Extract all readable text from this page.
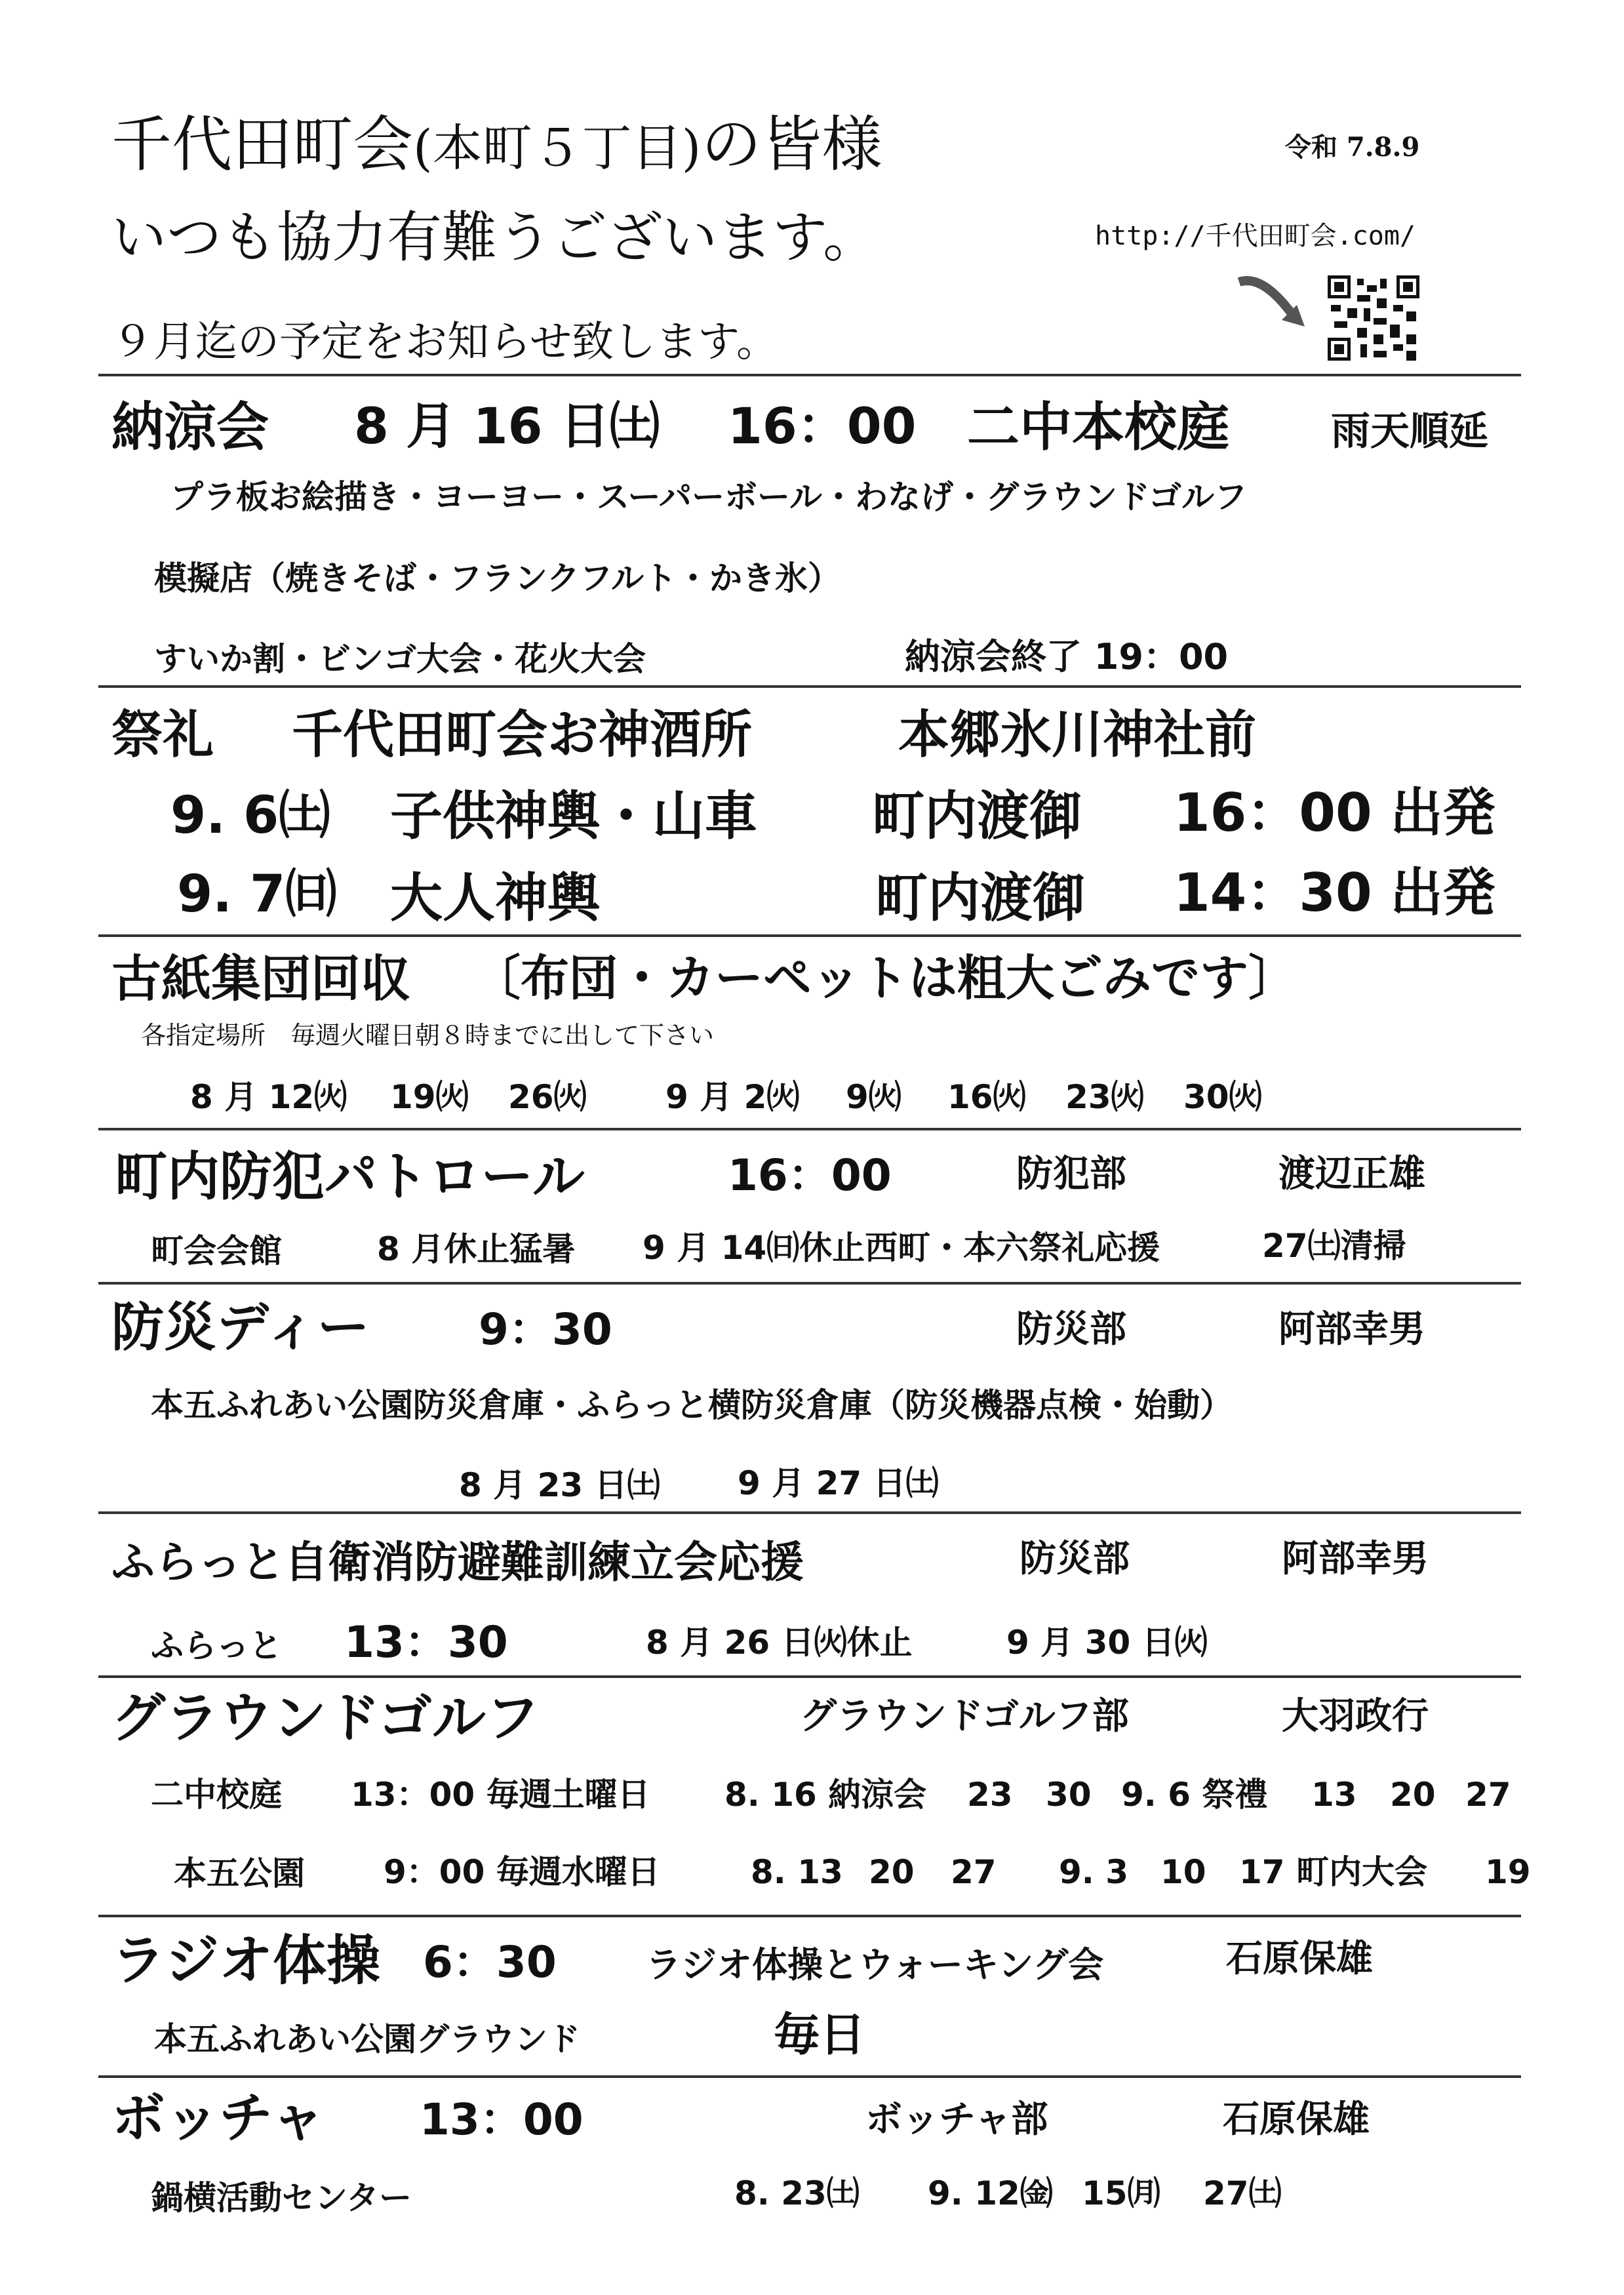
千代田町会(本町５丁目)の皆様	令和 7.8.9
いつも協力有難うございます。	http://千代田町会.com/
９月迄の予定をお知らせ致します。
納涼会 8 月 16 日㈯ 16：00 二中本校庭	雨天順延
プラ板お絵描き・ヨーヨー・スーパーボール・わなげ・グラウンドゴルフ
模擬店（焼きそば・フランクフルト・かき氷）
すいか割・ビンゴ大会・花火大会	納涼会終了 19：00
祭礼 千代田町会お神酒所	本郷氷川神社前
9. 6㈯ 子供神輿・山車 町内渡御 16：00 出発
9. 7㈰ 大人神輿	町内渡御 14：30 出発
古紙集団回収 〔布団・カーペットは粗大ごみです〕
各指定場所　毎週火曜日朝８時までに出して下さい
8 月 12㈫ 19㈫ 26㈫ 9 月 2㈫ 9㈫ 16㈫ 23㈫ 30㈫
町内防犯パトロール	16：00	防犯部	渡辺正雄
町会会館	8 月休止猛暑 9 月 14㈰休止西町・本六祭礼応援	27㈯清掃
防災ディー	9：30	防災部	阿部幸男
本五ふれあい公園防災倉庫・ふらっと横防災倉庫（防災機器点検・始動）
8 月 23 日㈯ 9 月 27 日㈯
ふらっと自衛消防避難訓練立会応援	防災部	阿部幸男
ふらっと 13：30	8 月 26 日㈫休止	9 月 30 日㈫
グラウンドゴルフ	グラウンドゴルフ部	大羽政行
二中校庭 13：00 毎週土曜日 8. 16 納涼会 23 30 9. 6 祭禮 13 20 27
本五公園 9：00 毎週水曜日	8. 13 20 27 9. 3 10 17 町内大会 19
ラジオ体操 6：30	ラジオ体操とウォーキング会	石原保雄
本五ふれあい公園グラウンド	毎日
ボッチャ 13：00	ボッチャ部	石原保雄
鍋横活動センター	8. 23㈯ 9. 12㈮ 15㈪ 27㈯
